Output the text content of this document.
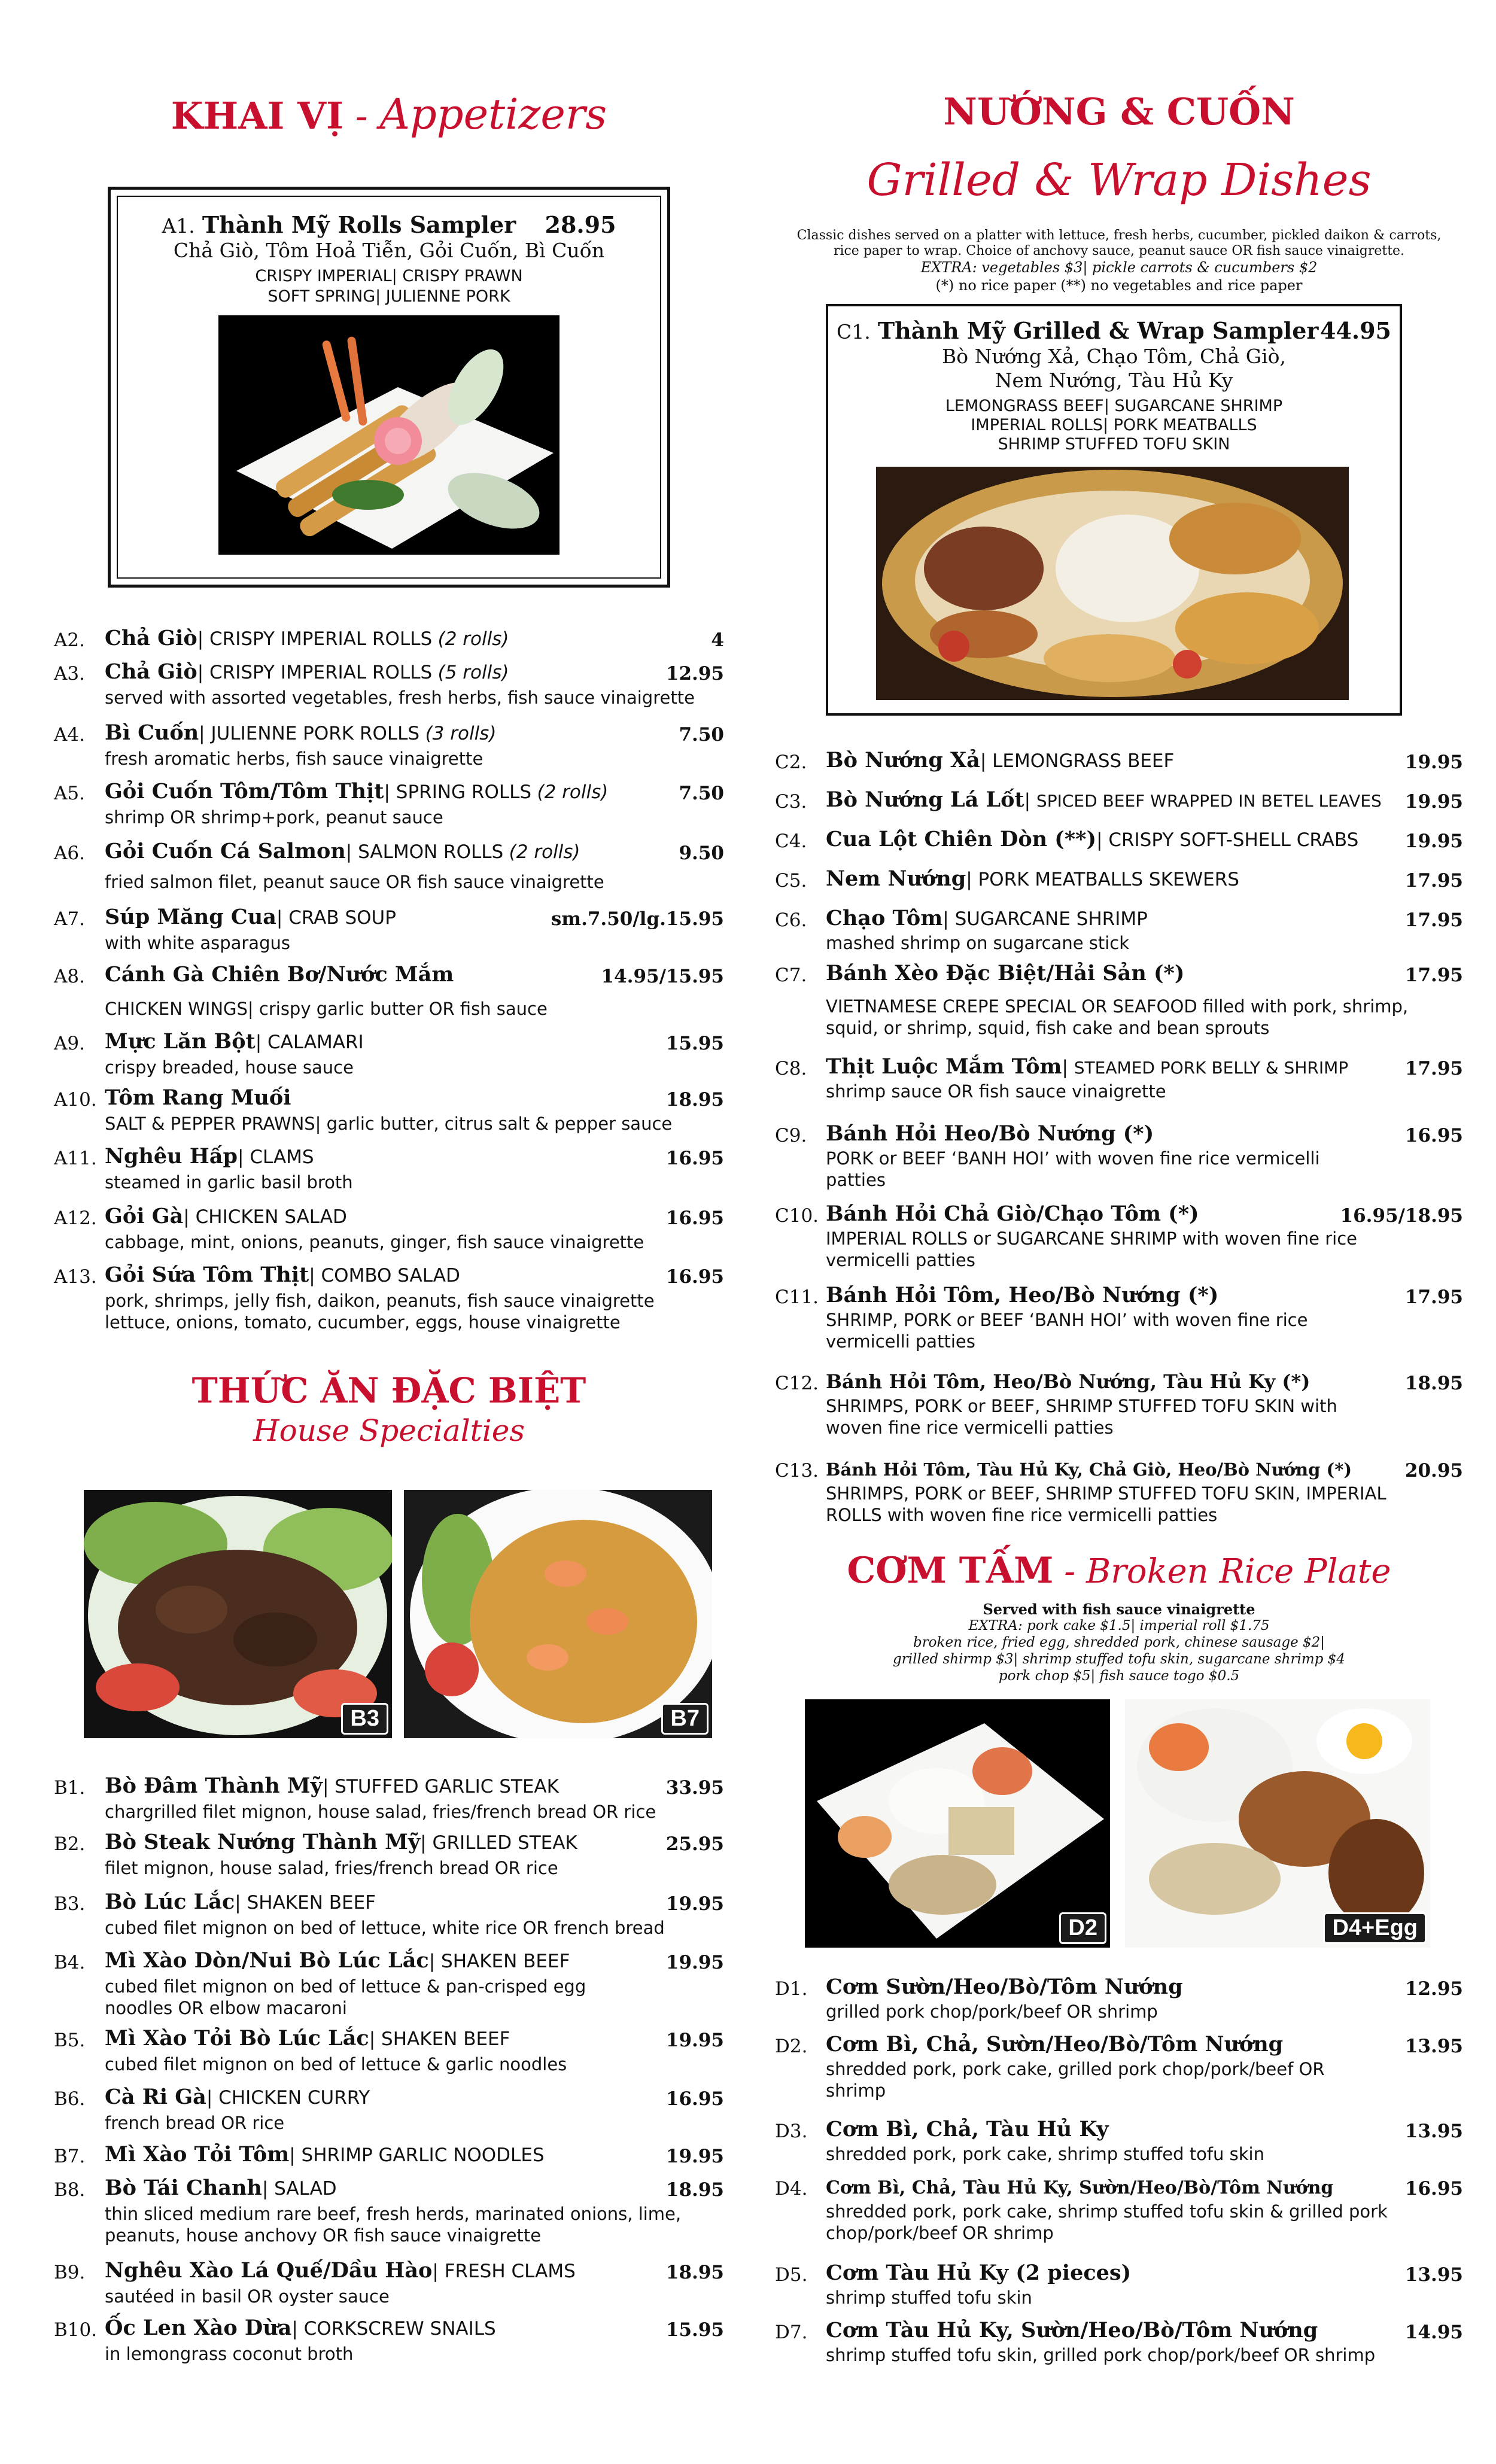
KHAI VỊ - Appetizers
A1. Thành Mỹ Rolls Sampler 28.95
Chả Giò, Tôm Hoả Tiễn, Gỏi Cuốn, Bì Cuốn
CRISPY IMPERIAL| CRISPY PRAWN
SOFT SPRING| JULIENNE PORK
A2. Chả Giò| CRISPY IMPERIAL ROLLS (2 rolls)	4
A3. Chả Giò| CRISPY IMPERIAL ROLLS (5 rolls)	12.95
served with assorted vegetables, fresh herbs, fish sauce vinaigrette
A4. Bì Cuốn| JULIENNE PORK ROLLS (3 rolls)	7.50
fresh aromatic herbs, fish sauce vinaigrette
A5. Gỏi Cuốn Tôm/Tôm Thịt| SPRING ROLLS (2 rolls)	7.50
shrimp OR shrimp+pork, peanut sauce
A6. Gỏi Cuốn Cá Salmon| SALMON ROLLS (2 rolls)	9.50
fried salmon filet, peanut sauce OR fish sauce vinaigrette
A7. Súp Măng Cua| CRAB SOUP	sm.7.50/lg.15.95
with white asparagus
A8. Cánh Gà Chiên Bơ/Nước Mắm	14.95/15.95
CHICKEN WINGS| crispy garlic butter OR fish sauce
A9. Mực Lăn Bột| CALAMARI	15.95
crispy breaded, house sauce
A10. Tôm Rang Muối	18.95
SALT & PEPPER PRAWNS| garlic butter, citrus salt & pepper sauce
A11. Nghêu Hấp| CLAMS	16.95
steamed in garlic basil broth
A12. Gỏi Gà| CHICKEN SALAD	16.95
cabbage, mint, onions, peanuts, ginger, fish sauce vinaigrette
A13. Gỏi Sứa Tôm Thịt| COMBO SALAD	16.95
pork, shrimps, jelly fish, daikon, peanuts, fish sauce vinaigrette lettuce, onions, tomato, cucumber, eggs, house vinaigrette
THỨC ĂN ĐẶC BIỆT
House Specialties
B3	B7
B1. Bò Đâm Thành Mỹ| STUFFED GARLIC STEAK	33.95
chargrilled filet mignon, house salad, fries/french bread OR rice
B2. Bò Steak Nướng Thành Mỹ| GRILLED STEAK	25.95
filet mignon, house salad, fries/french bread OR rice
B3. Bò Lúc Lắc| SHAKEN BEEF	19.95
cubed filet mignon on bed of lettuce, white rice OR french bread
B4. Mì Xào Dòn/Nui Bò Lúc Lắc| SHAKEN BEEF	19.95
cubed filet mignon on bed of lettuce & pan-crisped egg noodles OR elbow macaroni
B5. Mì Xào Tỏi Bò Lúc Lắc| SHAKEN BEEF	19.95
cubed filet mignon on bed of lettuce & garlic noodles
B6. Cà Ri Gà| CHICKEN CURRY	16.95
french bread OR rice
B7. Mì Xào Tỏi Tôm| SHRIMP GARLIC NOODLES	19.95
B8. Bò Tái Chanh| SALAD	18.95
thin sliced medium rare beef, fresh herds, marinated onions, lime, peanuts, house anchovy OR fish sauce vinaigrette
B9. Nghêu Xào Lá Quế/Dầu Hào| FRESH CLAMS	18.95
sautéed in basil OR oyster sauce
B10. Ốc Len Xào Dừa| CORKSCREW SNAILS	15.95
in lemongrass coconut broth
NƯỚNG & CUỐN
Grilled & Wrap Dishes
Classic dishes served on a platter with lettuce, fresh herbs, cucumber, pickled daikon & carrots,
rice paper to wrap. Choice of anchovy sauce, peanut sauce OR fish sauce vinaigrette.
EXTRA: vegetables $3| pickle carrots & cucumbers $2
(*) no rice paper (**) no vegetables and rice paper
C1. Thành Mỹ Grilled & Wrap Sampler 44.95
Bò Nướng Xả, Chạo Tôm, Chả Giò,
Nem Nướng, Tàu Hủ Ky
LEMONGRASS BEEF| SUGARCANE SHRIMP
IMPERIAL ROLLS| PORK MEATBALLS
SHRIMP STUFFED TOFU SKIN
C2. Bò Nướng Xả| LEMONGRASS BEEF	19.95
C3. Bò Nướng Lá Lốt| SPICED BEEF WRAPPED IN BETEL LEAVES 19.95
C4. Cua Lột Chiên Dòn (**)| CRISPY SOFT-SHELL CRABS	19.95
C5. Nem Nướng| PORK MEATBALLS SKEWERS	17.95
C6. Chạo Tôm| SUGARCANE SHRIMP	17.95
mashed shrimp on sugarcane stick
C7. Bánh Xèo Đặc Biệt/Hải Sản (*)	17.95
VIETNAMESE CREPE SPECIAL OR SEAFOOD filled with pork, shrimp, squid, or shrimp, squid, fish cake and bean sprouts
C8. Thịt Luộc Mắm Tôm| STEAMED PORK BELLY & SHRIMP	17.95
shrimp sauce OR fish sauce vinaigrette
C9. Bánh Hỏi Heo/Bò Nướng (*)	16.95
PORK or BEEF ‘BANH HOI’ with woven fine rice vermicelli patties
C10. Bánh Hỏi Chả Giò/Chạo Tôm (*)	16.95/18.95
IMPERIAL ROLLS or SUGARCANE SHRIMP with woven fine rice vermicelli patties
C11. Bánh Hỏi Tôm, Heo/Bò Nướng (*)	17.95
SHRIMP, PORK or BEEF ‘BANH HOI’ with woven fine rice vermicelli patties
C12. Bánh Hỏi Tôm, Heo/Bò Nướng, Tàu Hủ Ky (*)	18.95
SHRIMPS, PORK or BEEF, SHRIMP STUFFED TOFU SKIN with woven fine rice vermicelli patties
C13. Bánh Hỏi Tôm, Tàu Hủ Ky, Chả Giò, Heo/Bò Nướng (*)	20.95
SHRIMPS, PORK or BEEF, SHRIMP STUFFED TOFU SKIN, IMPERIAL ROLLS with woven fine rice vermicelli patties
CƠM TẤM - Broken Rice Plate
Served with fish sauce vinaigrette
EXTRA: pork cake $1.5| imperial roll $1.75
broken rice, fried egg, shredded pork, chinese sausage $2|
grilled shirmp $3| shrimp stuffed tofu skin, sugarcane shrimp $4
pork chop $5| fish sauce togo $0.5
D2	D4+Egg
D1. Cơm Sườn/Heo/Bò/Tôm Nướng	12.95
grilled pork chop/pork/beef OR shrimp
D2. Cơm Bì, Chả, Sườn/Heo/Bò/Tôm Nướng	13.95
shredded pork, pork cake, grilled pork chop/pork/beef OR shrimp
D3. Cơm Bì, Chả, Tàu Hủ Ky	13.95
shredded pork, pork cake, shrimp stuffed tofu skin
D4. Cơm Bì, Chả, Tàu Hủ Ky, Sườn/Heo/Bò/Tôm Nướng	16.95
shredded pork, pork cake, shrimp stuffed tofu skin & grilled pork chop/pork/beef OR shrimp
D5. Cơm Tàu Hủ Ky (2 pieces)	13.95
shrimp stuffed tofu skin
D7. Cơm Tàu Hủ Ky, Sườn/Heo/Bò/Tôm Nướng	14.95
shrimp stuffed tofu skin, grilled pork chop/pork/beef OR shrimp
